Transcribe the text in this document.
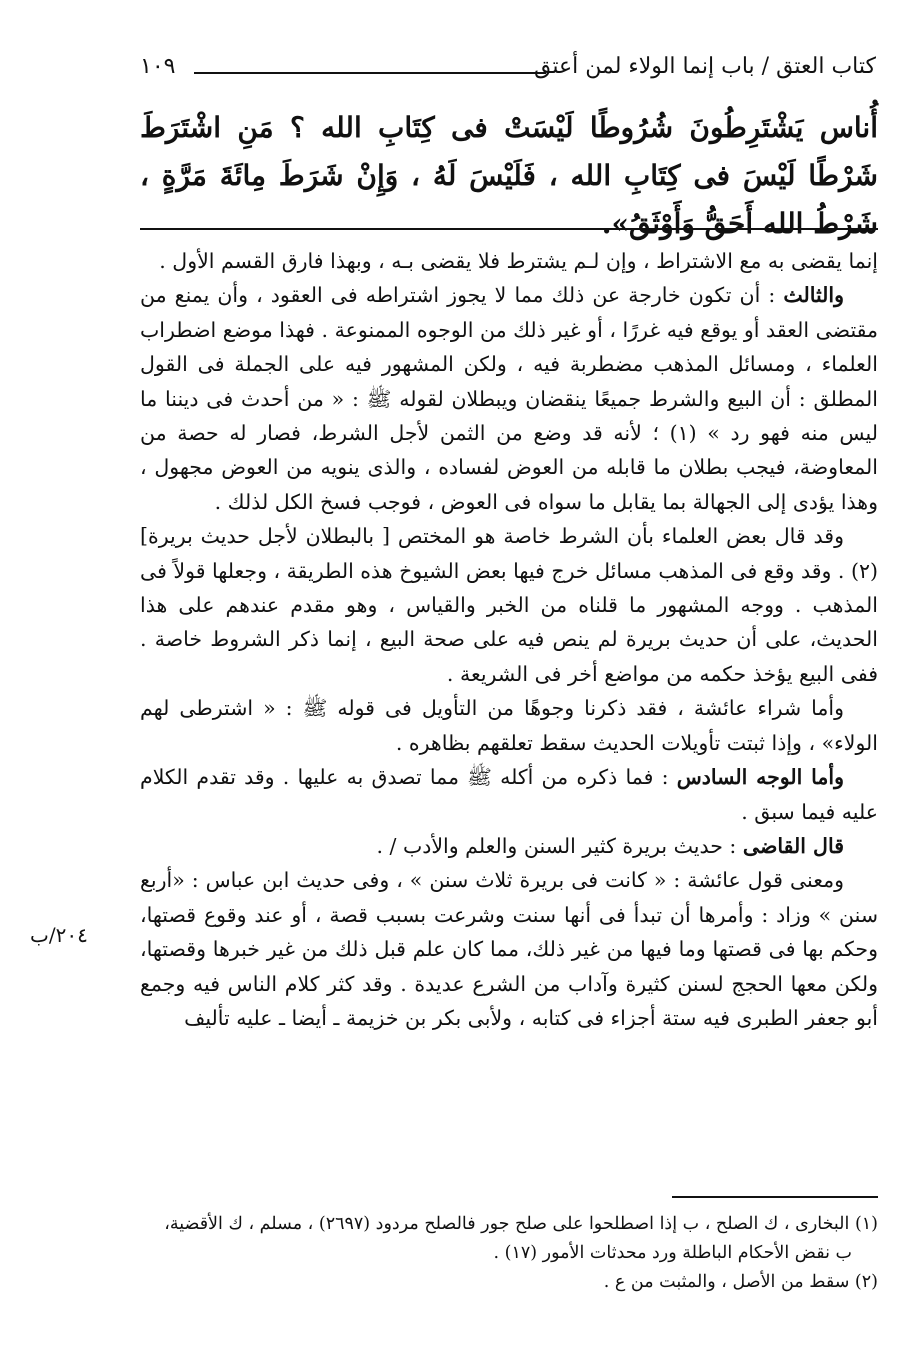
كتاب العتق / باب إنما الولاء لمن أعتق
١٠٩
أُناس يَشْتَرِطُونَ شُرُوطًا لَيْسَتْ فى كِتَابِ الله ؟ مَنِ اشْتَرَطَ شَرْطًا لَيْسَ فى كِتَابِ الله ، فَلَيْسَ لَهُ ، وَإِنْ شَرَطَ مِائَةَ مَرَّةٍ ، شَرْطُ الله أَحَقُّ وَأَوْثَقُ».

إنما يقضى به مع الاشتراط ، وإن لـم يشترط فلا يقضى بـه ، وبهذا فارق القسم الأول .

والثالث : أن تكون خارجة عن ذلك مما لا يجوز اشتراطه فى العقود ، وأن يمنع من مقتضى العقد أو يوقع فيه غررًا ، أو غير ذلك من الوجوه الممنوعة . فهذا موضع اضطراب العلماء ، ومسائل المذهب مضطربة فيه ، ولكن المشهور فيه على الجملة فى القول المطلق : أن البيع والشرط جميعًا ينقضان ويبطلان لقوله ﷺ : « من أحدث فى ديننا ما ليس منه فهو رد » (١) ؛ لأنه قد وضع من الثمن لأجل الشرط، فصار له حصة من المعاوضة، فيجب بطلان ما قابله من العوض لفساده ، والذى ينويه من العوض مجهول ، وهذا يؤدى إلى الجهالة بما يقابل ما سواه فى العوض ، فوجب فسخ الكل لذلك .

وقد قال بعض العلماء بأن الشرط خاصة هو المختص [ بالبطلان لأجل حديث بريرة](٢) . وقد وقع فى المذهب مسائل خرج فيها بعض الشيوخ هذه الطريقة ، وجعلها قولاً فى المذهب . ووجه المشهور ما قلناه من الخبر والقياس ، وهو مقدم عندهم على هذا الحديث، على أن حديث بريرة لم ينص فيه على صحة البيع ، إنما ذكر الشروط خاصة . ففى البيع يؤخذ حكمه من مواضع أخر فى الشريعة .

وأما شراء عائشة ، فقد ذكرنا وجوهًا من التأويل فى قوله ﷺ : « اشترطى لهم الولاء» ، وإذا ثبتت تأويلات الحديث سقط تعلقهم بظاهره .

وأما الوجه السادس : فما ذكره من أكله ﷺ مما تصدق به عليها . وقد تقدم الكلام عليه فيما سبق .

قال القاضى : حديث بريرة كثير السنن والعلم والأدب / .

ومعنى قول عائشة : « كانت فى بريرة ثلاث سنن » ، وفى حديث ابن عباس : «أربع سنن » وزاد : وأمرها أن تبدأ فى أنها سنت وشرعت بسبب قصة ، أو عند وقوع قصتها، وحكم بها فى قصتها وما فيها من غير ذلك، مما كان علم قبل ذلك من غير خبرها وقصتها، ولكن معها الحجج لسنن كثيرة وآداب من الشرع عديدة . وقد كثر كلام الناس فيه وجمع أبو جعفر الطبرى فيه ستة أجزاء فى كتابه ، ولأبى بكر بن خزيمة ـ أيضا ـ عليه تأليف

٢٠٤/ب

(١) البخارى ، ك الصلح ، ب إذا اصطلحوا على صلح جور فالصلح مردود (٢٦٩٧) ، مسلم ، ك الأقضية،

ب نقض الأحكام الباطلة ورد محدثات الأمور (١٧) .

(٢) سقط من الأصل ، والمثبت من ع .
